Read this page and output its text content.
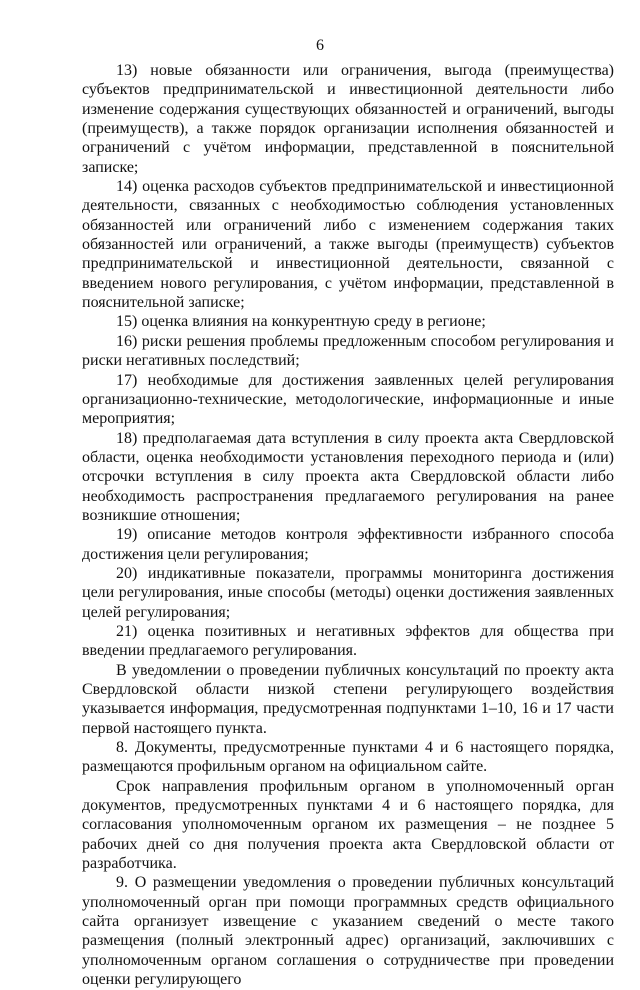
6

13) новые обязанности или ограничения, выгода (преимущества) субъектов предпринимательской и инвестиционной деятельности либо изменение содержания существующих обязанностей и ограничений, выгоды (преимуществ), а также порядок организации исполнения обязанностей и ограничений с учётом информации, представленной в пояснительной записке;

14) оценка расходов субъектов предпринимательской и инвестиционной деятельности, связанных с необходимостью соблюдения установленных обязанностей или ограничений либо с изменением содержания таких обязанностей или ограничений, а также выгоды (преимуществ) субъектов предпринимательской и инвестиционной деятельности, связанной с введением нового регулирования, с учётом информации, представленной в пояснительной записке;

15) оценка влияния на конкурентную среду в регионе;

16) риски решения проблемы предложенным способом регулирования и риски негативных последствий;

17) необходимые для достижения заявленных целей регулирования организационно-технические, методологические, информационные и иные мероприятия;

18) предполагаемая дата вступления в силу проекта акта Свердловской области, оценка необходимости установления переходного периода и (или) отсрочки вступления в силу проекта акта Свердловской области либо необходимость распространения предлагаемого регулирования на ранее возникшие отношения;

19) описание методов контроля эффективности избранного способа достижения цели регулирования;

20) индикативные показатели, программы мониторинга достижения цели регулирования, иные способы (методы) оценки достижения заявленных целей регулирования;

21) оценка позитивных и негативных эффектов для общества при введении предлагаемого регулирования.

В уведомлении о проведении публичных консультаций по проекту акта Свердловской области низкой степени регулирующего воздействия указывается информация, предусмотренная подпунктами 1–10, 16 и 17 части первой настоящего пункта.

8. Документы, предусмотренные пунктами 4 и 6 настоящего порядка, размещаются профильным органом на официальном сайте.

Срок направления профильным органом в уполномоченный орган документов, предусмотренных пунктами 4 и 6 настоящего порядка, для согласования уполномоченным органом их размещения – не позднее 5 рабочих дней со дня получения проекта акта Свердловской области от разработчика.

9. О размещении уведомления о проведении публичных консультаций уполномоченный орган при помощи программных средств официального сайта организует извещение с указанием сведений о месте такого размещения (полный электронный адрес) организаций, заключивших с уполномоченным органом соглашения о сотрудничестве при проведении оценки регулирующего
